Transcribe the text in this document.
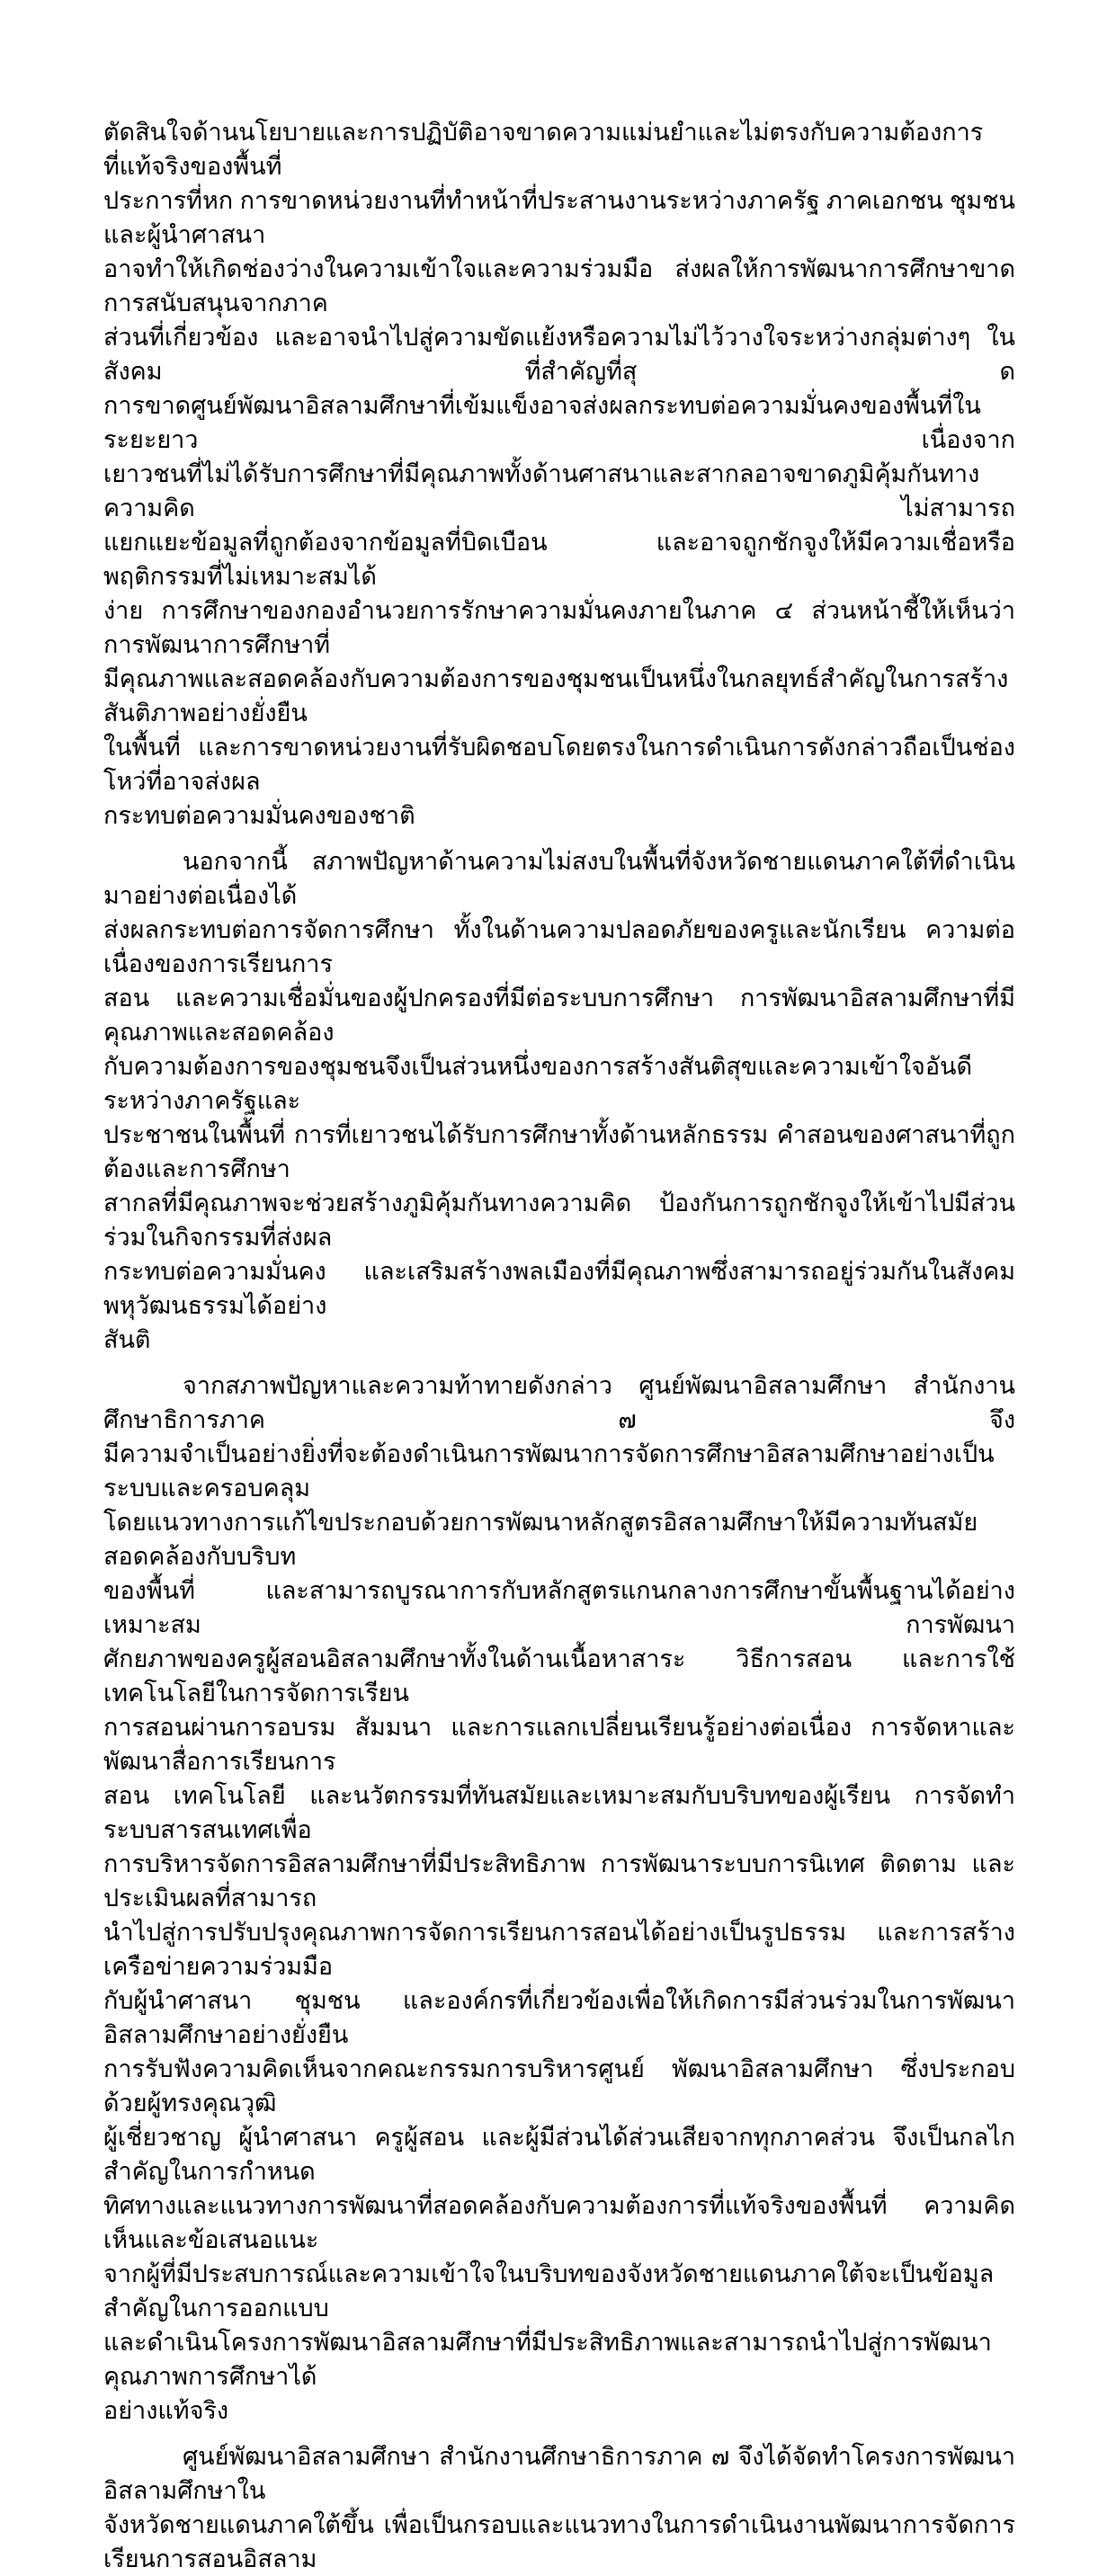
ตัดสินใจด้านนโยบายและการปฏิบัติอาจขาดความแม่นยำและไม่ตรงกับความต้องการที่แท้จริงของพื้นที่
ประการที่หก การขาดหน่วยงานที่ทำหน้าที่ประสานงานระหว่างภาครัฐ ภาคเอกชน ชุมชน และผู้นำศาสนา
อาจทำให้เกิดช่องว่างในความเข้าใจและความร่วมมือ ส่งผลให้การพัฒนาการศึกษาขาดการสนับสนุนจากภาค
ส่วนที่เกี่ยวข้อง และอาจนำไปสู่ความขัดแย้งหรือความไม่ไว้วางใจระหว่างกลุ่มต่างๆ ในสังคม ที่สำคัญที่สุ ด
การขาดศูนย์พัฒนาอิสลามศึกษาที่เข้มแข็งอาจส่งผลกระทบต่อความมั่นคงของพื้นที่ในระยะยาว เนื่องจาก
เยาวชนที่ไม่ได้รับการศึกษาที่มีคุณภาพทั้งด้านศาสนาและสากลอาจขาดภูมิคุ้มกันทางความคิด ไม่สามารถ
แยกแยะข้อมูลที่ถูกต้องจากข้อมูลที่บิดเบือน และอาจถูกชักจูงให้มีความเชื่อหรือพฤติกรรมที่ไม่เหมาะสมได้
ง่าย การศึกษาของกองอำนวยการรักษาความมั่นคงภายในภาค ๔ ส่วนหน้าชี้ให้เห็นว่า การพัฒนาการศึกษาที่
มีคุณภาพและสอดคล้องกับความต้องการของชุมชนเป็นหนึ่งในกลยุทธ์สำคัญในการสร้างสันติภาพอย่างยั่งยืน
ในพื้นที่ และการขาดหน่วยงานที่รับผิดชอบโดยตรงในการดำเนินการดังกล่าวถือเป็นช่องโหว่ที่อาจส่งผล
กระทบต่อความมั่นคงของชาติ
นอกจากนี้ สภาพปัญหาด้านความไม่สงบในพื้นที่จังหวัดชายแดนภาคใต้ที่ดำเนินมาอย่างต่อเนื่องได้
ส่งผลกระทบต่อการจัดการศึกษา ทั้งในด้านความปลอดภัยของครูและนักเรียน ความต่อเนื่องของการเรียนการ
สอน และความเชื่อมั่นของผู้ปกครองที่มีต่อระบบการศึกษา การพัฒนาอิสลามศึกษาที่มีคุณภาพและสอดคล้อง
กับความต้องการของชุมชนจึงเป็นส่วนหนึ่งของการสร้างสันติสุขและความเข้าใจอันดีระหว่างภาครัฐและ
ประชาชนในพื้นที่ การที่เยาวชนได้รับการศึกษาทั้งด้านหลักธรรม คำสอนของศาสนาที่ถูกต้องและการศึกษา
สากลที่มีคุณภาพจะช่วยสร้างภูมิคุ้มกันทางความคิด ป้องกันการถูกชักจูงให้เข้าไปมีส่วนร่วมในกิจกรรมที่ส่งผล
กระทบต่อความมั่นคง และเสริมสร้างพลเมืองที่มีคุณภาพซึ่งสามารถอยู่ร่วมกันในสังคมพหุวัฒนธรรมได้อย่าง
สันติ
จากสภาพปัญหาและความท้าทายดังกล่าว ศูนย์พัฒนาอิสลามศึกษา สำนักงานศึกษาธิการภาค ๗ จึง
มีความจำเป็นอย่างยิ่งที่จะต้องดำเนินการพัฒนาการจัดการศึกษาอิสลามศึกษาอย่างเป็นระบบและครอบคลุม
โดยแนวทางการแก้ไขประกอบด้วยการพัฒนาหลักสูตรอิสลามศึกษาให้มีความทันสมัย สอดคล้องกับบริบท
ของพื้นที่ และสามารถบูรณาการกับหลักสูตรแกนกลางการศึกษาขั้นพื้นฐานได้อย่างเหมาะสม การพัฒนา
ศักยภาพของครูผู้สอนอิสลามศึกษาทั้งในด้านเนื้อหาสาระ วิธีการสอน และการใช้เทคโนโลยีในการจัดการเรียน
การสอนผ่านการอบรม สัมมนา และการแลกเปลี่ยนเรียนรู้อย่างต่อเนื่อง การจัดหาและพัฒนาสื่อการเรียนการ
สอน เทคโนโลยี และนวัตกรรมที่ทันสมัยและเหมาะสมกับบริบทของผู้เรียน การจัดทำระบบสารสนเทศเพื่อ
การบริหารจัดการอิสลามศึกษาที่มีประสิทธิภาพ การพัฒนาระบบการนิเทศ ติดตาม และประเมินผลที่สามารถ
นำไปสู่การปรับปรุงคุณภาพการจัดการเรียนการสอนได้อย่างเป็นรูปธรรม และการสร้างเครือข่ายความร่วมมือ
กับผู้นำศาสนา ชุมชน และองค์กรที่เกี่ยวข้องเพื่อให้เกิดการมีส่วนร่วมในการพัฒนาอิสลามศึกษาอย่างยั่งยืน
การรับฟังความคิดเห็นจากคณะกรรมการบริหารศูนย์ พัฒนาอิสลามศึกษา ซึ่งประกอบด้วยผู้ทรงคุณวุฒิ
ผู้เชี่ยวชาญ ผู้นำศาสนา ครูผู้สอน และผู้มีส่วนได้ส่วนเสียจากทุกภาคส่วน จึงเป็นกลไกสำคัญในการกำหนด
ทิศทางและแนวทางการพัฒนาที่สอดคล้องกับความต้องการที่แท้จริงของพื้นที่ ความคิดเห็นและข้อเสนอแนะ
จากผู้ที่มีประสบการณ์และความเข้าใจในบริบทของจังหวัดชายแดนภาคใต้จะเป็นข้อมูลสำคัญในการออกแบบ
และดำเนินโครงการพัฒนาอิสลามศึกษาที่มีประสิทธิภาพและสามารถนำไปสู่การพัฒนาคุณภาพการศึกษาได้
อย่างแท้จริง
ศูนย์พัฒนาอิสลามศึกษา สำนักงานศึกษาธิการภาค ๗ จึงได้จัดทำโครงการพัฒนาอิสลามศึกษาใน
จังหวัดชายแดนภาคใต้ขึ้น เพื่อเป็นกรอบและแนวทางในการดำเนินงานพัฒนาการจัดการเรียนการสอนอิสลาม
